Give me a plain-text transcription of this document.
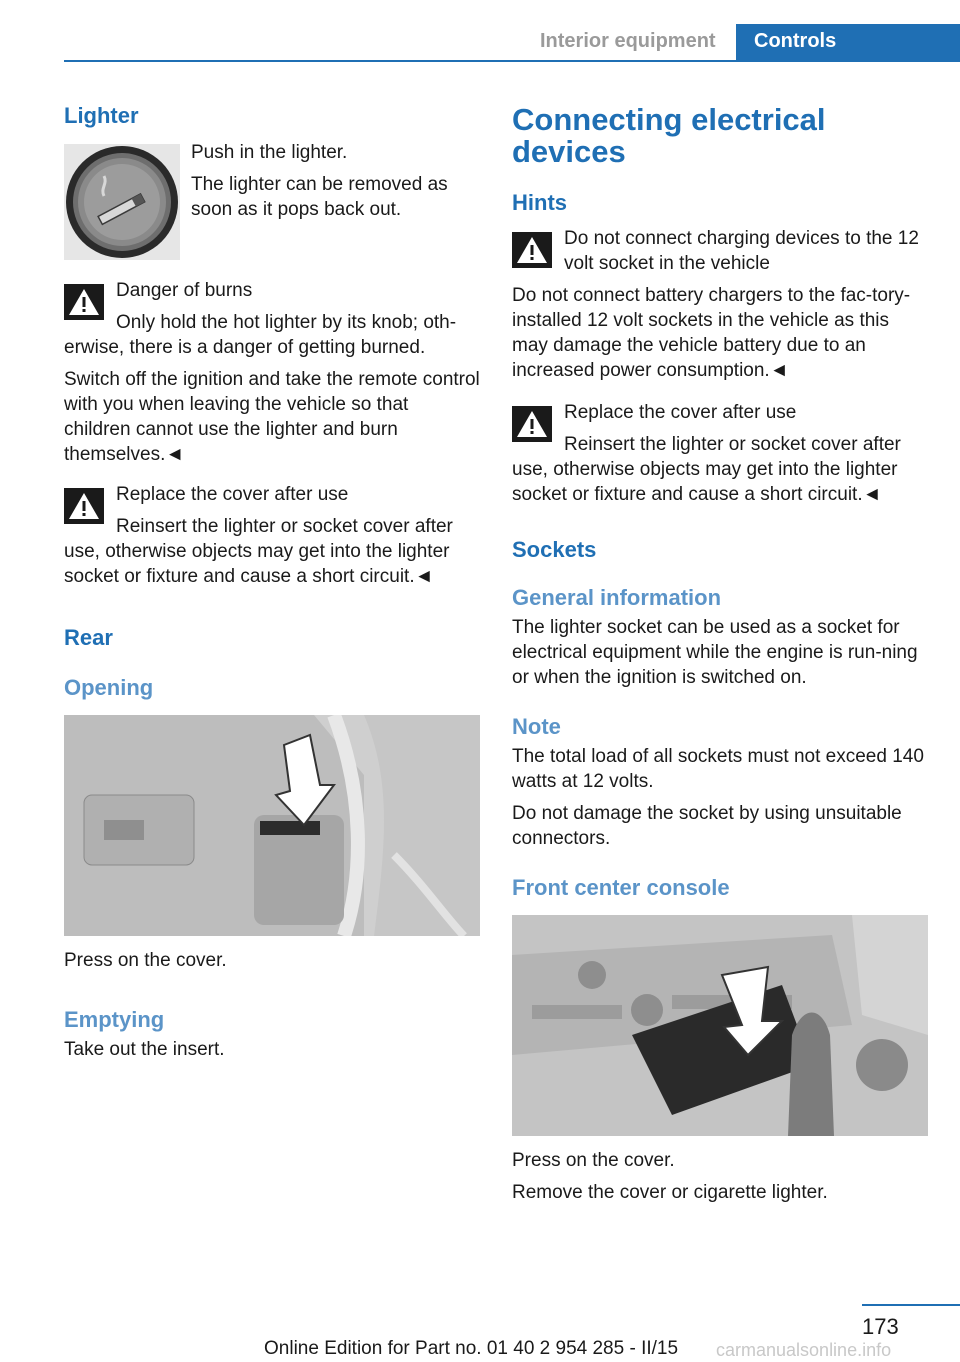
Interior equipment Controls
Lighter

Push in the lighter.

The lighter can be removed as soon as it pops back out.

Danger of burns

Only hold the hot lighter by its knob; oth-erwise, there is a danger of getting burned.

Switch off the ignition and take the remote control with you when leaving the vehicle so that children cannot use the lighter and burn themselves.◄

Replace the cover after use

Reinsert the lighter or socket cover after use, otherwise objects may get into the lighter socket or fixture and cause a short circuit.◄

Rear
Opening

Press on the cover.

Emptying

Take out the insert.

Connecting electrical devices
Hints

Do not connect charging devices to the 12 volt socket in the vehicle

Do not connect battery chargers to the fac-tory-installed 12 volt sockets in the vehicle as this may damage the vehicle battery due to an increased power consumption.◄

Replace the cover after use

Reinsert the lighter or socket cover after use, otherwise objects may get into the lighter socket or fixture and cause a short circuit.◄

Sockets
General information

The lighter socket can be used as a socket for electrical equipment while the engine is run-ning or when the ignition is switched on.

Note

The total load of all sockets must not exceed 140 watts at 12 volts.

Do not damage the socket by using unsuitable connectors.

Front center console

Press on the cover.

Remove the cover or cigarette lighter.

173
Online Edition for Part no. 01 40 2 954 285 - II/15 carmanualsonline.info
